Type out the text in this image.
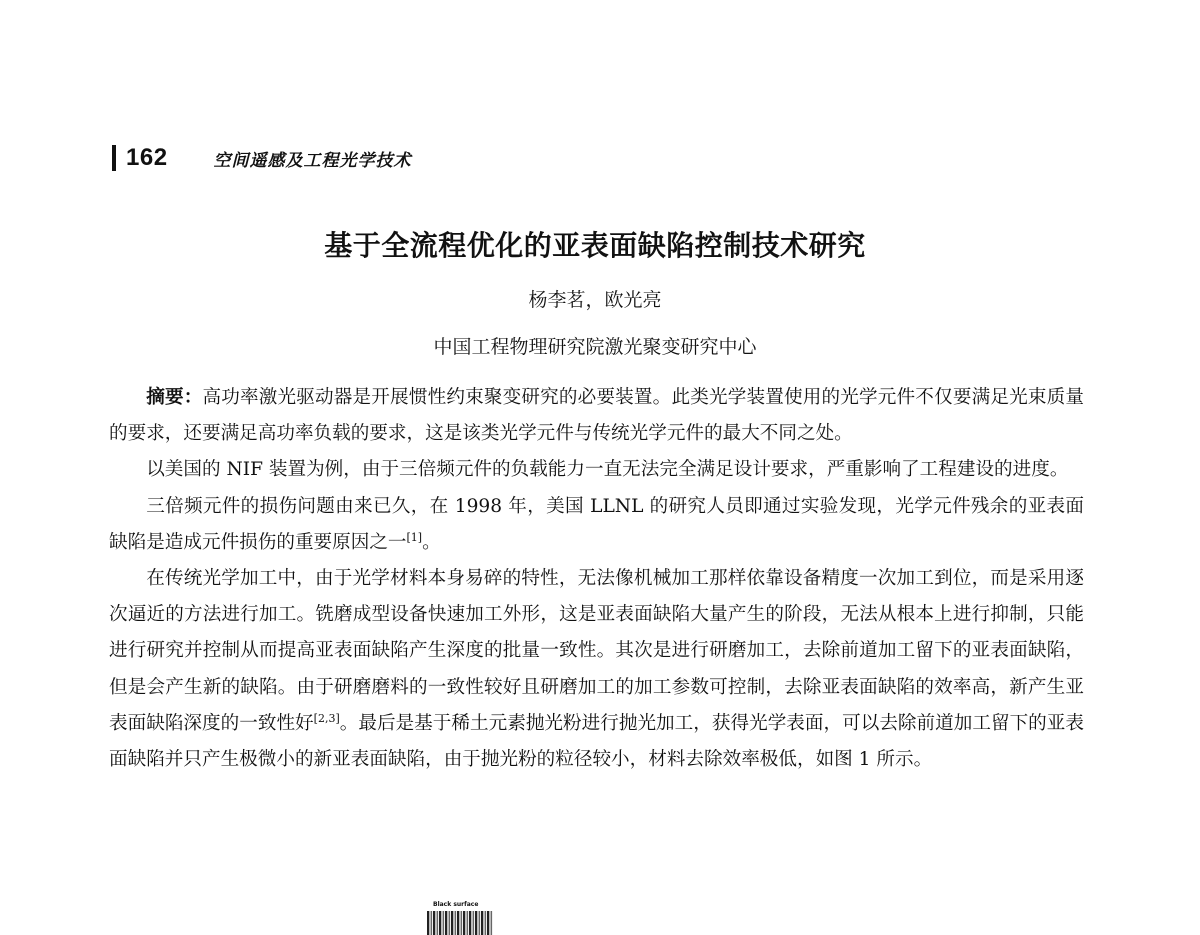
162	空间遥感及工程光学技术
基于全流程优化的亚表面缺陷控制技术研究
杨李茗，欧光亮
中国工程物理研究院激光聚变研究中心

摘要：高功率激光驱动器是开展惯性约束聚变研究的必要装置。此类光学装置使用的光学元件不仅要满足光束质量的要求，还要满足高功率负载的要求，这是该类光学元件与传统光学元件的最大不同之处。

以美国的 NIF 装置为例，由于三倍频元件的负载能力一直无法完全满足设计要求，严重影响了工程建设的进度。

三倍频元件的损伤问题由来已久，在 1998 年，美国 LLNL 的研究人员即通过实验发现，光学元件残余的亚表面缺陷是造成元件损伤的重要原因之一[1]。

在传统光学加工中，由于光学材料本身易碎的特性，无法像机械加工那样依靠设备精度一次加工到位，而是采用逐次逼近的方法进行加工。铣磨成型设备快速加工外形，这是亚表面缺陷大量产生的阶段，无法从根本上进行抑制，只能进行研究并控制从而提高亚表面缺陷产生深度的批量一致性。其次是进行研磨加工，去除前道加工留下的亚表面缺陷，但是会产生新的缺陷。由于研磨磨料的一致性较好且研磨加工的加工参数可控制，去除亚表面缺陷的效率高，新产生亚表面缺陷深度的一致性好[2,3]。最后是基于稀土元素抛光粉进行抛光加工，获得光学表面，可以去除前道加工留下的亚表面缺陷并只产生极微小的新亚表面缺陷，由于抛光粉的粒径较小，材料去除效率极低，如图 1 所示。

Black surface
